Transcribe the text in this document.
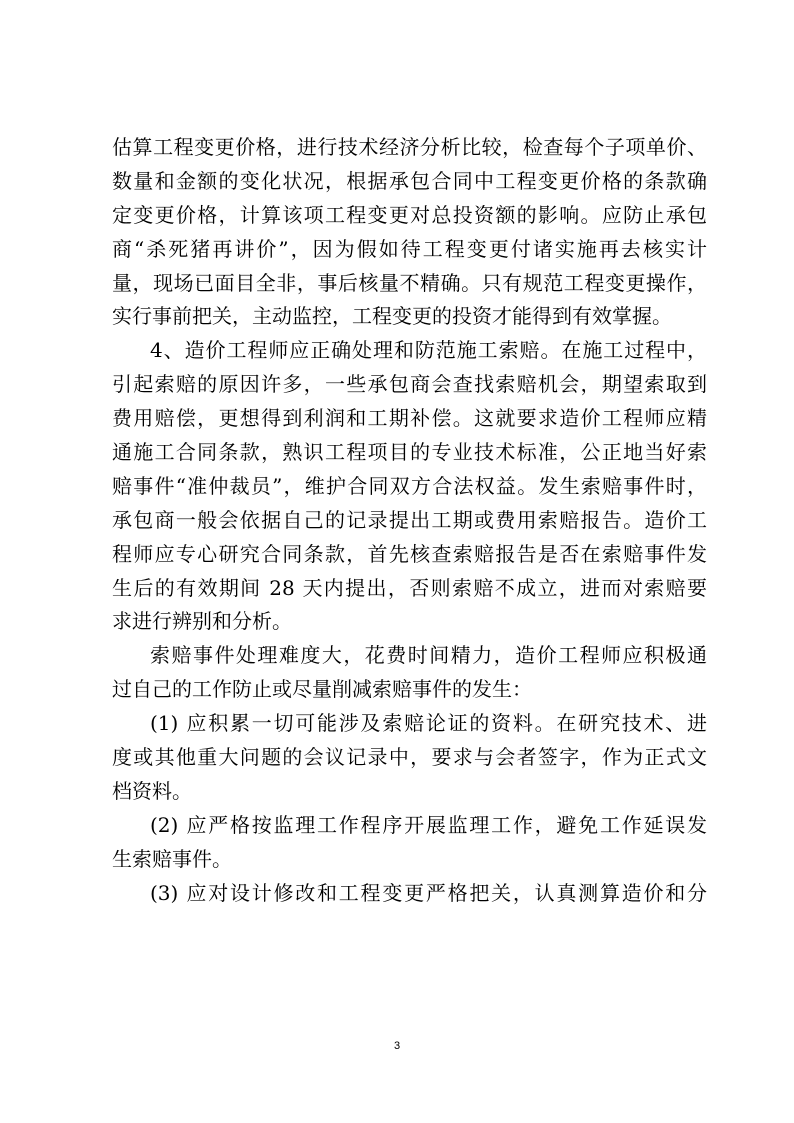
估算工程变更价格，进行技术经济分析比较，检查每个子项单价、
数量和金额的变化状况，根据承包合同中工程变更价格的条款确
定变更价格，计算该项工程变更对总投资额的影响。应防止承包
商“杀死猪再讲价”，因为假如待工程变更付诸实施再去核实计
量，现场已面目全非，事后核量不精确。只有规范工程变更操作，
实行事前把关，主动监控，工程变更的投资才能得到有效掌握。
4、造价工程师应正确处理和防范施工索赔。在施工过程中，
引起索赔的原因许多，一些承包商会查找索赔机会，期望索取到
费用赔偿，更想得到利润和工期补偿。这就要求造价工程师应精
通施工合同条款，熟识工程项目的专业技术标准，公正地当好索
赔事件“准仲裁员”，维护合同双方合法权益。发生索赔事件时，
承包商一般会依据自己的记录提出工期或费用索赔报告。造价工
程师应专心研究合同条款，首先核查索赔报告是否在索赔事件发
生后的有效期间 28 天内提出，否则索赔不成立，进而对索赔要
求进行辨别和分析。
索赔事件处理难度大，花费时间精力，造价工程师应积极通
过自己的工作防止或尽量削减索赔事件的发生：
(1) 应积累一切可能涉及索赔论证的资料。在研究技术、进
度或其他重大问题的会议记录中，要求与会者签字，作为正式文
档资料。
(2) 应严格按监理工作程序开展监理工作，避免工作延误发
生索赔事件。
(3) 应对设计修改和工程变更严格把关，认真测算造价和分
3
